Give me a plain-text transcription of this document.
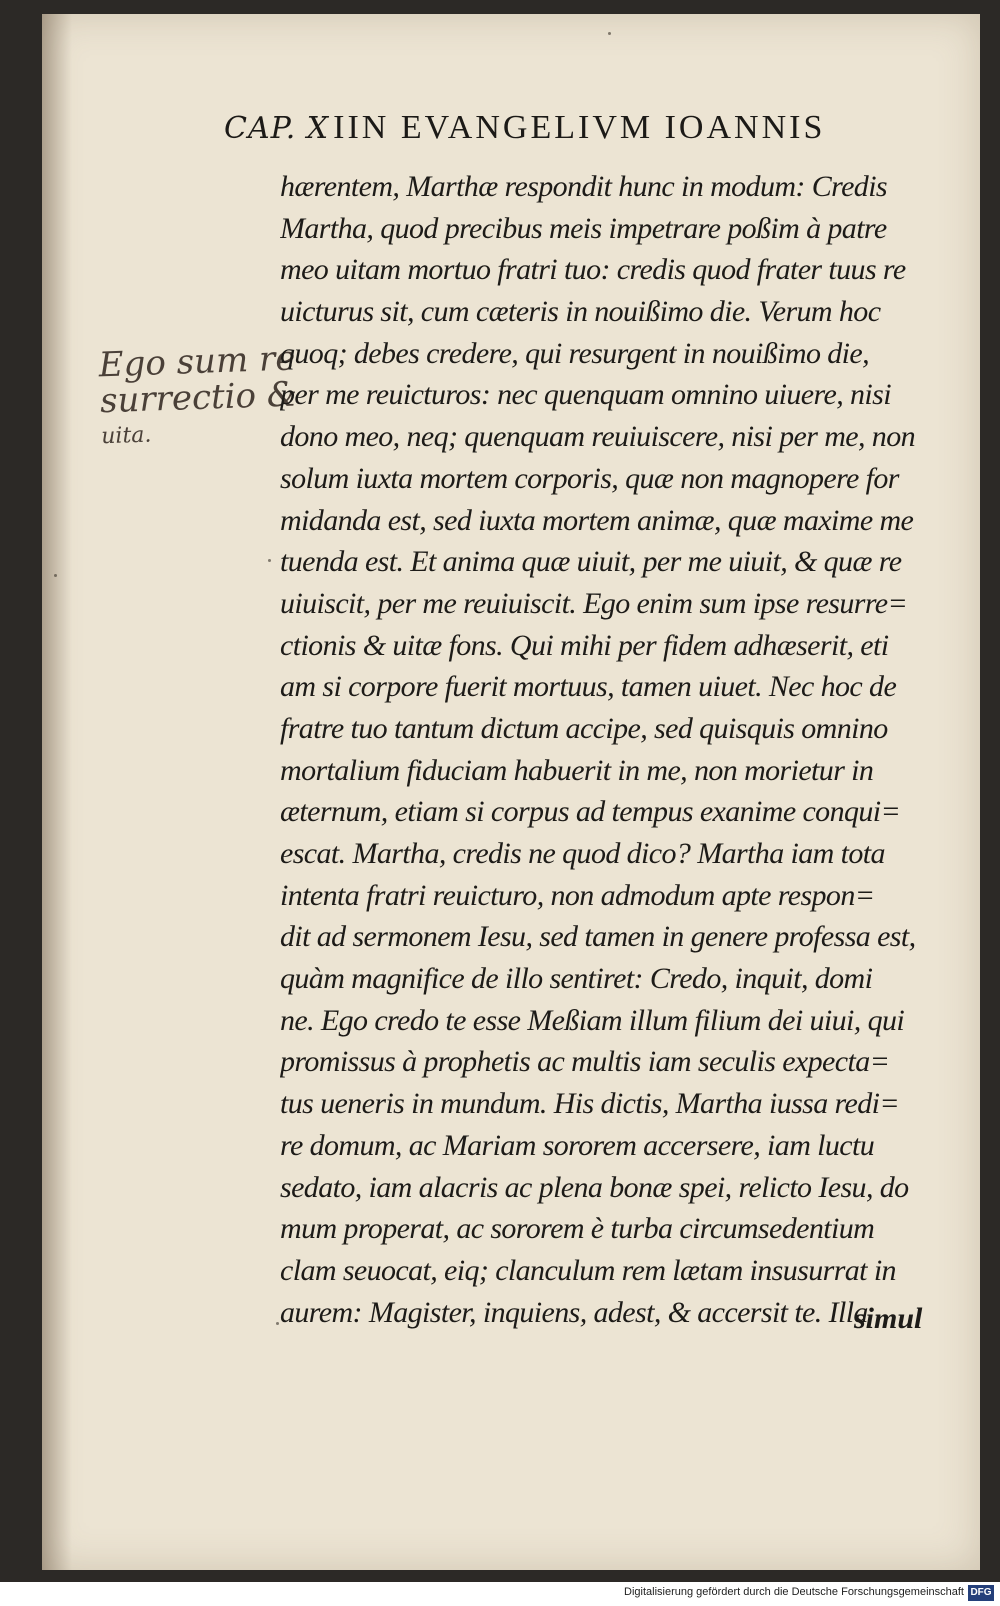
CAP. X IIN EVANGELIVM IOANNIS
Ego sum re
surrectio &
uita.
hærentem, Marthæ respondit hunc in modum: Credis
Martha, quod precibus meis impetrare poßim à patre
meo uitam mortuo fratri tuo: credis quod frater tuus re
uicturus sit, cum cæteris in nouißimo die. Verum hoc
quoq; debes credere, qui resurgent in nouißimo die,
per me reuicturos: nec quenquam omnino uiuere, nisi
dono meo, neq; quenquam reuiuiscere, nisi per me, non
solum iuxta mortem corporis, quæ non magnopere for
midanda est, sed iuxta mortem animæ, quæ maxime me
tuenda est. Et anima quæ uiuit, per me uiuit, & quæ re
uiuiscit, per me reuiuiscit. Ego enim sum ipse resurre=
ctionis & uitæ fons. Qui mihi per fidem adhæserit, eti
am si corpore fuerit mortuus, tamen uiuet. Nec hoc de
fratre tuo tantum dictum accipe, sed quisquis omnino
mortalium fiduciam habuerit in me, non morietur in
æternum, etiam si corpus ad tempus exanime conqui=
escat. Martha, credis ne quod dico? Martha iam tota
intenta fratri reuicturo, non admodum apte respon=
dit ad sermonem Iesu, sed tamen in genere professa est,
quàm magnifice de illo sentiret: Credo, inquit, domi
ne. Ego credo te esse Meßiam illum filium dei uiui, qui
promissus à prophetis ac multis iam seculis expecta=
tus ueneris in mundum. His dictis, Martha iussa redi=
re domum, ac Mariam sororem accersere, iam luctu
sedato, iam alacris ac plena bonæ spei, relicto Iesu, do
mum properat, ac sororem è turba circumsedentium
clam seuocat, eiq; clanculum rem lætam insusurrat in
aurem: Magister, inquiens, adest, & accersit te. Illa
simul
Digitalisierung gefördert durch die Deutsche Forschungsgemeinschaft DFG
